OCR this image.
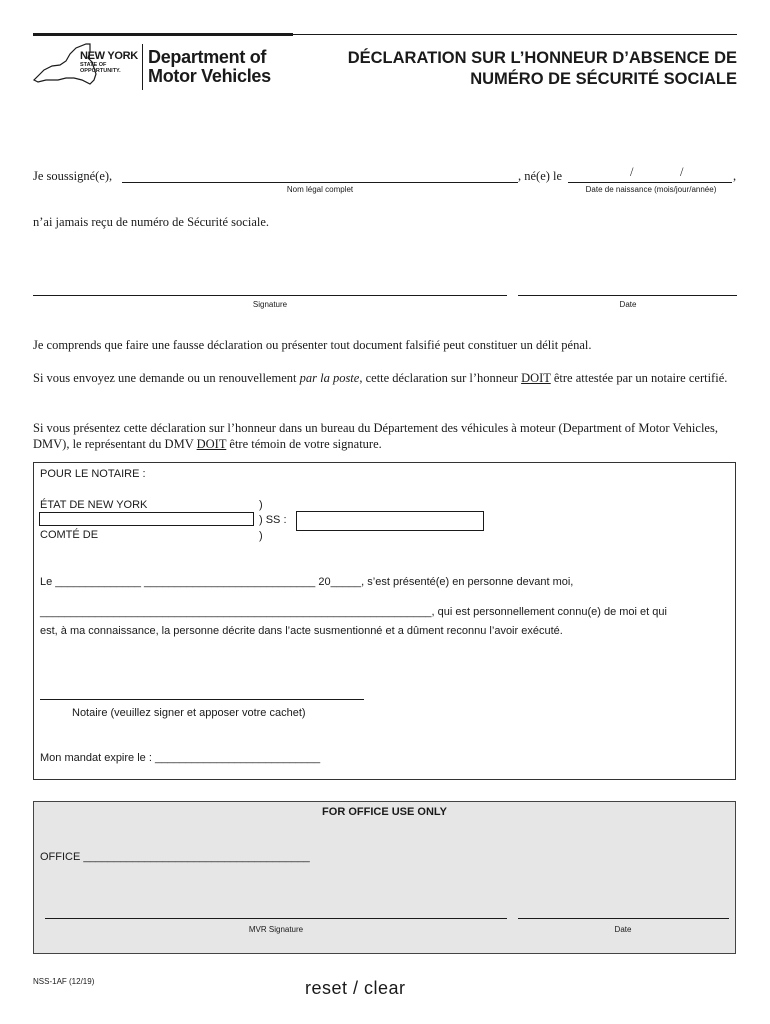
NEW YORK
STATE OF
OPPORTUNITY.
Department of
Motor Vehicles
DÉCLARATION SUR L’HONNEUR D’ABSENCE DE
NUMÉRO DE SÉCURITÉ SOCIALE
Je soussigné(e),	, né(e) le	/	/	,
Nom légal complet	Date de naissance (mois/jour/année)
n’ai jamais reçu de numéro de Sécurité sociale.
Signature	Date
Je comprends que faire une fausse déclaration ou présenter tout document falsifié peut constituer un délit pénal.
Si vous envoyez une demande ou un renouvellement par la poste, cette déclaration sur l’honneur DOIT être attestée par un notaire certifié.
Si vous présentez cette déclaration sur l’honneur dans un bureau du Département des véhicules à moteur (Department of Motor Vehicles, DMV), le représentant du DMV DOIT être témoin de votre signature.
POUR LE NOTAIRE :
ÉTAT DE NEW YORK	)
) SS :
COMTÉ DE	)
Le ______________ ____________________________ 20_____, s’est présenté(e) en personne devant moi,
________________________________________________________________, qui est personnellement connu(e) de moi et qui
est, à ma connaissance, la personne décrite dans l’acte susmentionné et a dûment reconnu l’avoir exécuté.
Notaire (veuillez signer et apposer votre cachet)
Mon mandat expire le : ___________________________
FOR OFFICE USE ONLY
OFFICE _____________________________________
MVR Signature	Date
NSS-1AF (12/19)	reset / clear
